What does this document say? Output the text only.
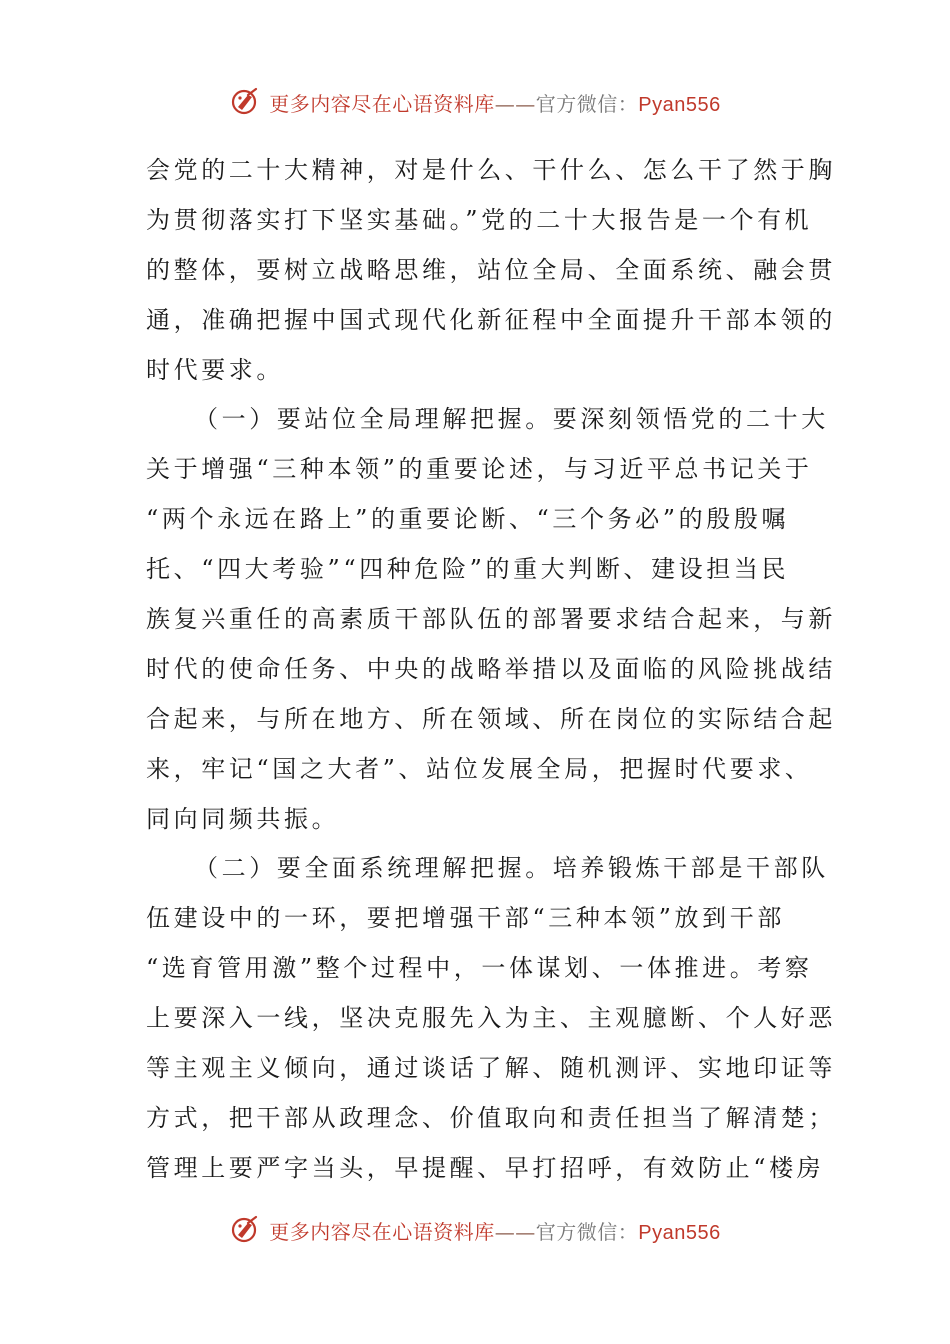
更多内容尽在心语资料库——官方微信：Pyan556
会党的二十大精神，对是什么、干什么、怎么干了然于胸
为贯彻落实打下坚实基础。”党的二十大报告是一个有机
的整体，要树立战略思维，站位全局、全面系统、融会贯
通，准确把握中国式现代化新征程中全面提升干部本领的
时代要求。
（一）要站位全局理解把握。要深刻领悟党的二十大
关于增强“三种本领”的重要论述，与习近平总书记关于
“两个永远在路上”的重要论断、“三个务必”的殷殷嘱
托、“四大考验”“四种危险”的重大判断、建设担当民
族复兴重任的高素质干部队伍的部署要求结合起来，与新
时代的使命任务、中央的战略举措以及面临的风险挑战结
合起来，与所在地方、所在领域、所在岗位的实际结合起
来，牢记“国之大者”、站位发展全局，把握时代要求、
同向同频共振。
（二）要全面系统理解把握。培养锻炼干部是干部队
伍建设中的一环，要把增强干部“三种本领”放到干部
“选育管用激”整个过程中，一体谋划、一体推进。考察
上要深入一线，坚决克服先入为主、主观臆断、个人好恶
等主观主义倾向，通过谈话了解、随机测评、实地印证等
方式，把干部从政理念、价值取向和责任担当了解清楚；
管理上要严字当头，早提醒、早打招呼，有效防止“楼房
更多内容尽在心语资料库——官方微信：Pyan556
